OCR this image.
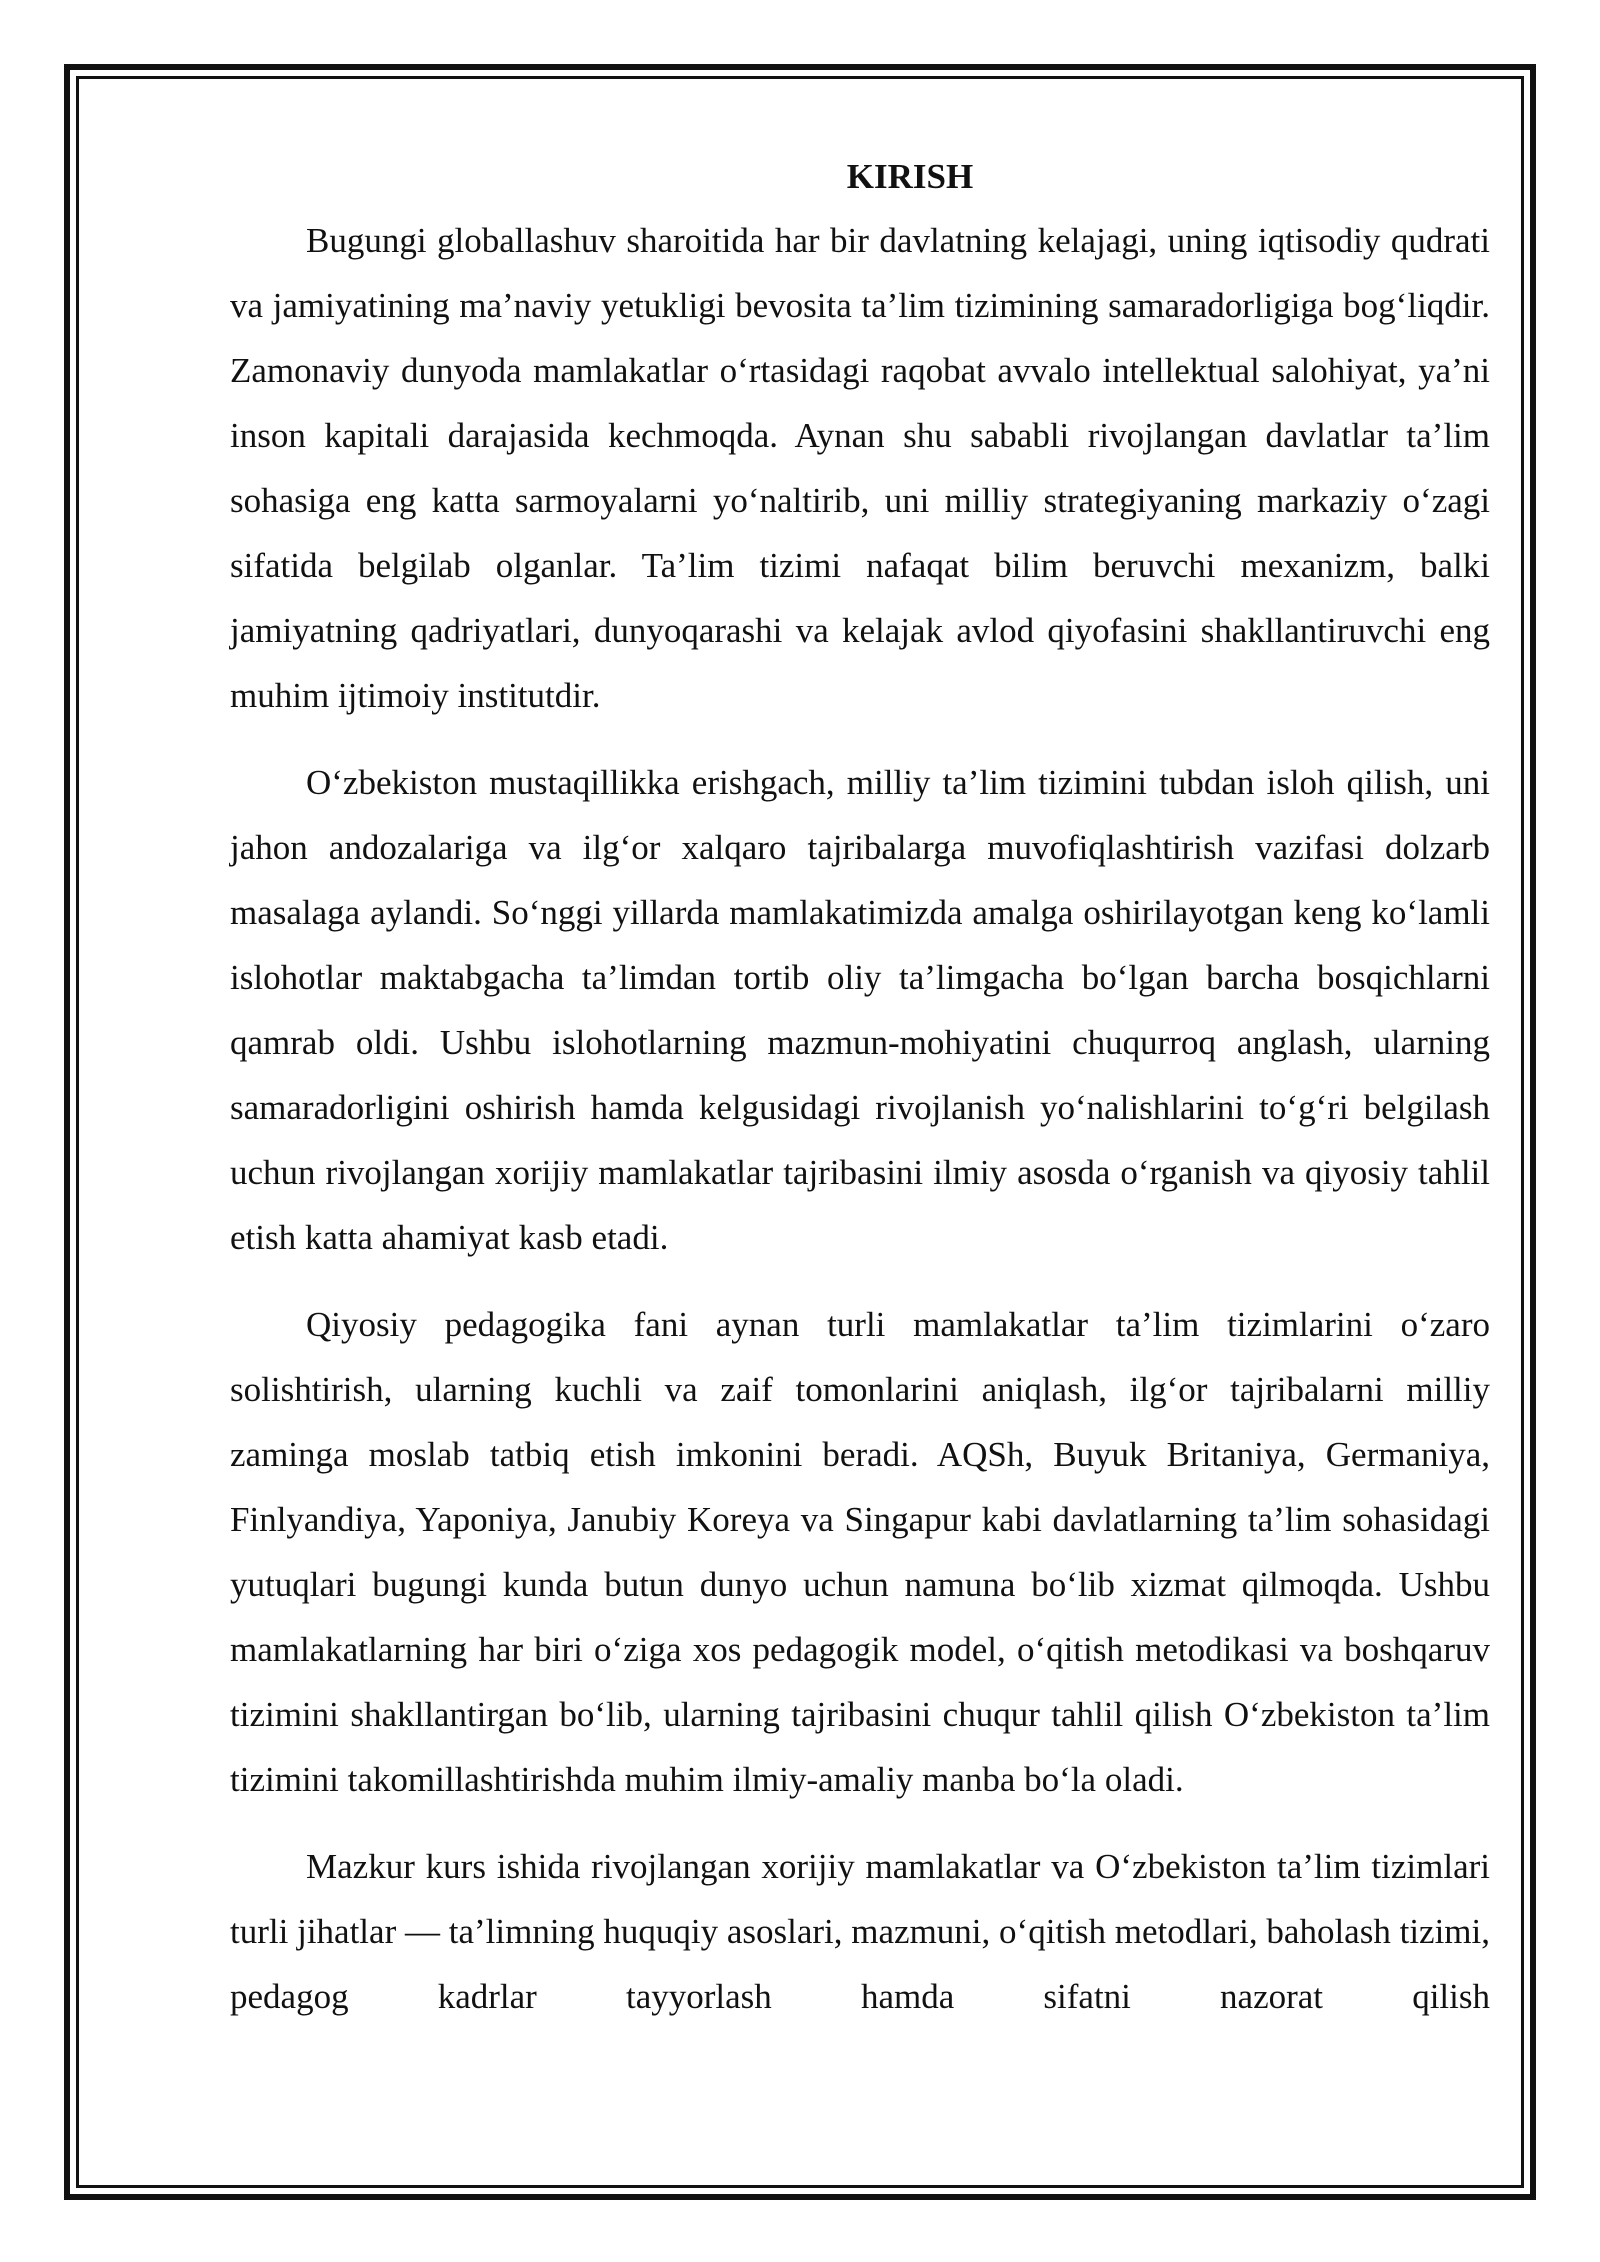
KIRISH

Bugungi globallashuv sharoitida har bir davlatning kelajagi, uning iqtisodiy qudrati va jamiyatining ma’naviy yetukligi bevosita ta’lim tizimining samaradorligiga bog‘liqdir. Zamonaviy dunyoda mamlakatlar o‘rtasidagi raqobat avvalo intellektual salohiyat, ya’ni inson kapitali darajasida kechmoqda. Aynan shu sababli rivojlangan davlatlar ta’lim sohasiga eng katta sarmoyalarni yo‘naltirib, uni milliy strategiyaning markaziy o‘zagi sifatida belgilab olganlar. Ta’lim tizimi nafaqat bilim beruvchi mexanizm, balki jamiyatning qadriyatlari, dunyoqarashi va kelajak avlod qiyofasini shakllantiruvchi eng muhim ijtimoiy institutdir.

O‘zbekiston mustaqillikka erishgach, milliy ta’lim tizimini tubdan isloh qilish, uni jahon andozalariga va ilg‘or xalqaro tajribalarga muvofiqlashtirish vazifasi dolzarb masalaga aylandi. So‘nggi yillarda mamlakatimizda amalga oshirilayotgan keng ko‘lamli islohotlar maktabgacha ta’limdan tortib oliy ta’limgacha bo‘lgan barcha bosqichlarni qamrab oldi. Ushbu islohotlarning mazmun-mohiyatini chuqurroq anglash, ularning samaradorligini oshirish hamda kelgusidagi rivojlanish yo‘nalishlarini to‘g‘ri belgilash uchun rivojlangan xorijiy mamlakatlar tajribasini ilmiy asosda o‘rganish va qiyosiy tahlil etish katta ahamiyat kasb etadi.

Qiyosiy pedagogika fani aynan turli mamlakatlar ta’lim tizimlarini o‘zaro solishtirish, ularning kuchli va zaif tomonlarini aniqlash, ilg‘or tajribalarni milliy zaminga moslab tatbiq etish imkonini beradi. AQSh, Buyuk Britaniya, Germaniya, Finlyandiya, Yaponiya, Janubiy Koreya va Singapur kabi davlatlarning ta’lim sohasidagi yutuqlari bugungi kunda butun dunyo uchun namuna bo‘lib xizmat qilmoqda. Ushbu mamlakatlarning har biri o‘ziga xos pedagogik model, o‘qitish metodikasi va boshqaruv tizimini shakllantirgan bo‘lib, ularning tajribasini chuqur tahlil qilish O‘zbekiston ta’lim tizimini takomillashtirishda muhim ilmiy-amaliy manba bo‘la oladi.

Mazkur kurs ishida rivojlangan xorijiy mamlakatlar va O‘zbekiston ta’lim tizimlari turli jihatlar — ta’limning huquqiy asoslari, mazmuni, o‘qitish metodlari, baholash tizimi, pedagog kadrlar tayyorlash hamda sifatni nazorat qilish
